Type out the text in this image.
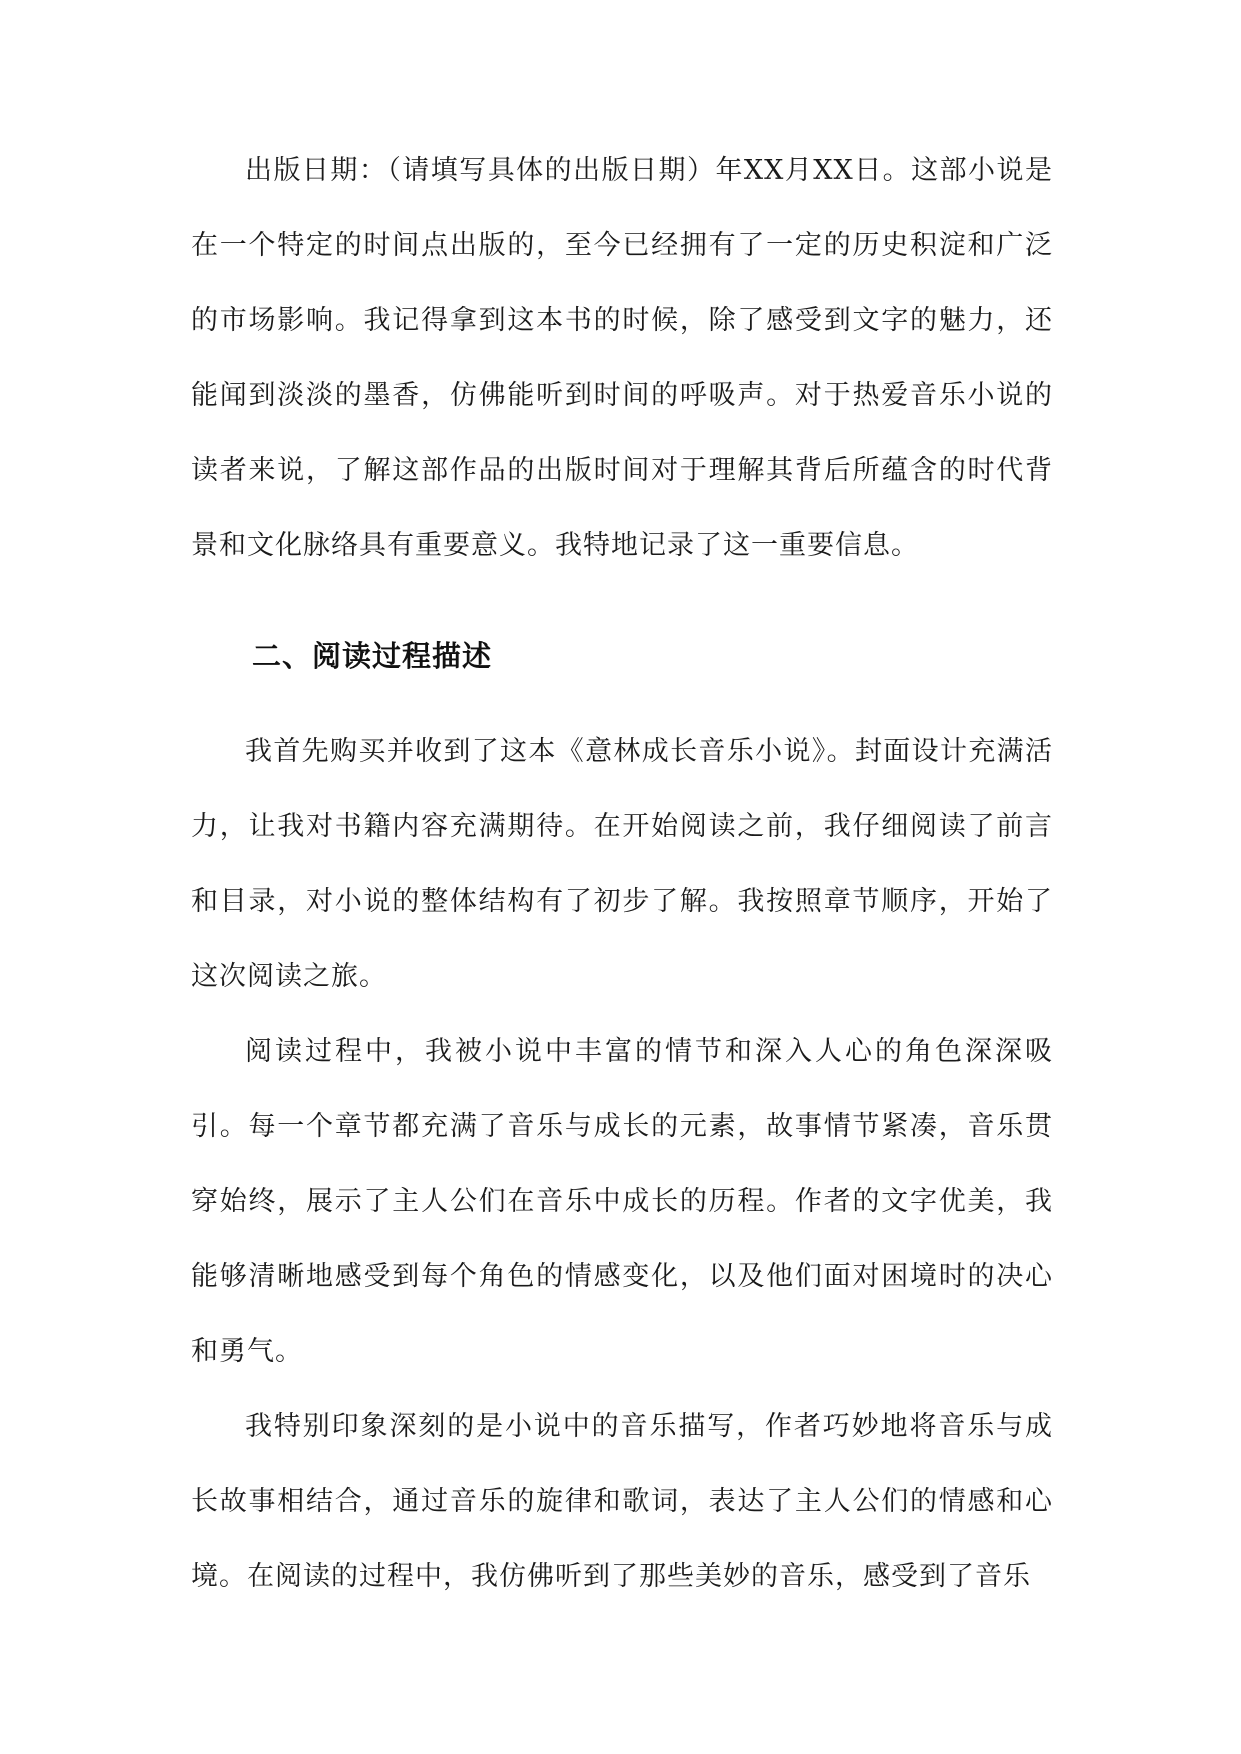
出版日期：（请填写具体的出版日期）年XX月XX日。这部小说是在一个特定的时间点出版的，至今已经拥有了一定的历史积淀和广泛的市场影响。我记得拿到这本书的时候，除了感受到文字的魅力，还能闻到淡淡的墨香，仿佛能听到时间的呼吸声。对于热爱音乐小说的读者来说，了解这部作品的出版时间对于理解其背后所蕴含的时代背景和文化脉络具有重要意义。我特地记录了这一重要信息。

二、阅读过程描述

我首先购买并收到了这本《意林成长音乐小说》。封面设计充满活力，让我对书籍内容充满期待。在开始阅读之前，我仔细阅读了前言和目录，对小说的整体结构有了初步了解。我按照章节顺序，开始了这次阅读之旅。

阅读过程中，我被小说中丰富的情节和深入人心的角色深深吸引。每一个章节都充满了音乐与成长的元素，故事情节紧凑，音乐贯穿始终，展示了主人公们在音乐中成长的历程。作者的文字优美，我能够清晰地感受到每个角色的情感变化，以及他们面对困境时的决心和勇气。

我特别印象深刻的是小说中的音乐描写，作者巧妙地将音乐与成长故事相结合，通过音乐的旋律和歌词，表达了主人公们的情感和心境。在阅读的过程中，我仿佛听到了那些美妙的音乐，感受到了音乐
